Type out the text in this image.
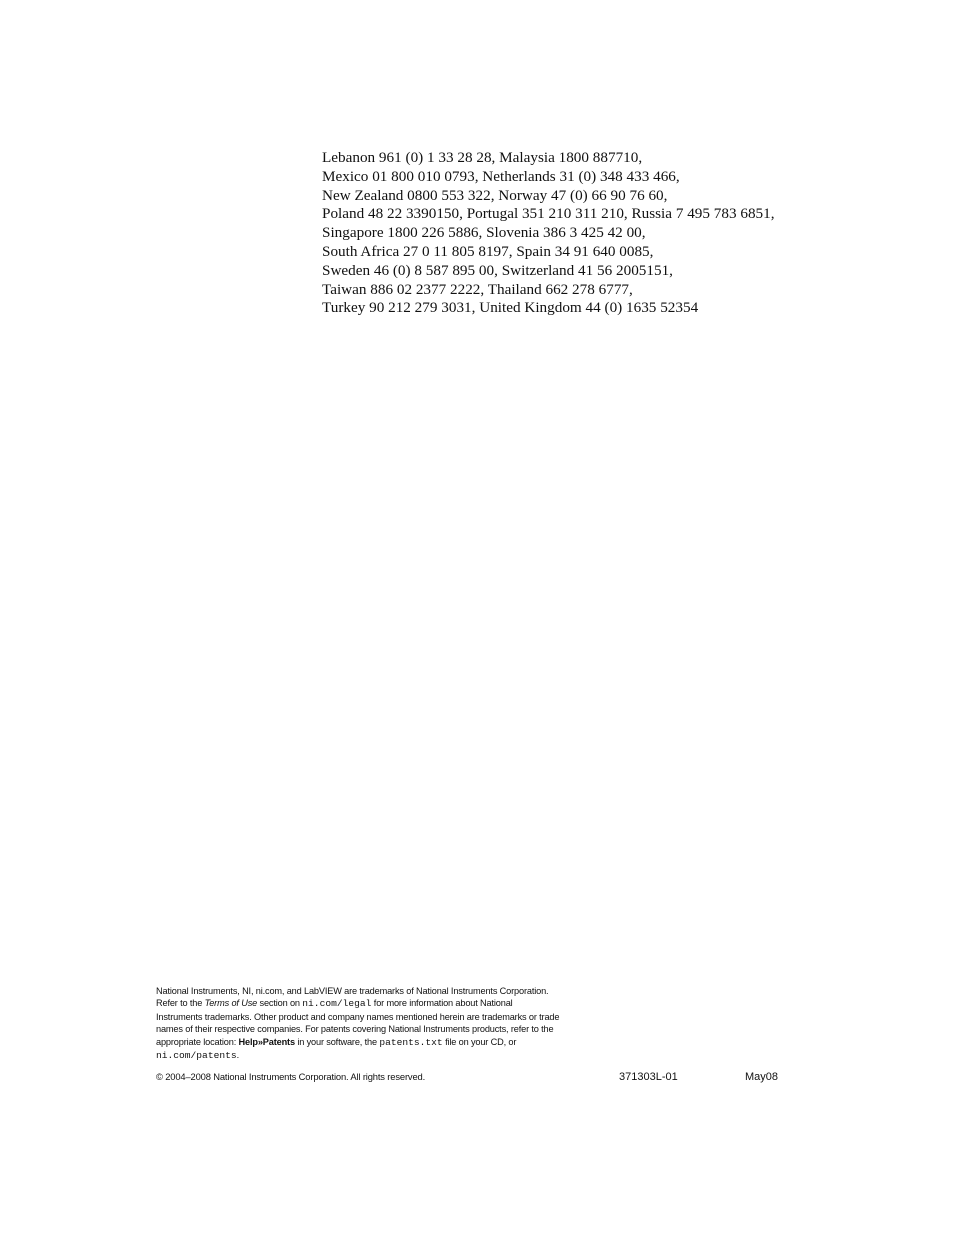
Lebanon 961 (0) 1 33 28 28, Malaysia 1800 887710,
Mexico 01 800 010 0793, Netherlands 31 (0) 348 433 466,
New Zealand 0800 553 322, Norway 47 (0) 66 90 76 60,
Poland 48 22 3390150, Portugal 351 210 311 210, Russia 7 495 783 6851,
Singapore 1800 226 5886, Slovenia 386 3 425 42 00,
South Africa 27 0 11 805 8197, Spain 34 91 640 0085,
Sweden 46 (0) 8 587 895 00, Switzerland 41 56 2005151,
Taiwan 886 02 2377 2222, Thailand 662 278 6777,
Turkey 90 212 279 3031, United Kingdom 44 (0) 1635 52354
National Instruments, NI, ni.com, and LabVIEW are trademarks of National Instruments Corporation.
Refer to the Terms of Use section on ni.com/legal for more information about National
Instruments trademarks. Other product and company names mentioned herein are trademarks or trade
names of their respective companies. For patents covering National Instruments products, refer to the
appropriate location: Help»Patents in your software, the patents.txt file on your CD, or
ni.com/patents.
© 2004–2008 National Instruments Corporation. All rights reserved.	371303L-01	May08
